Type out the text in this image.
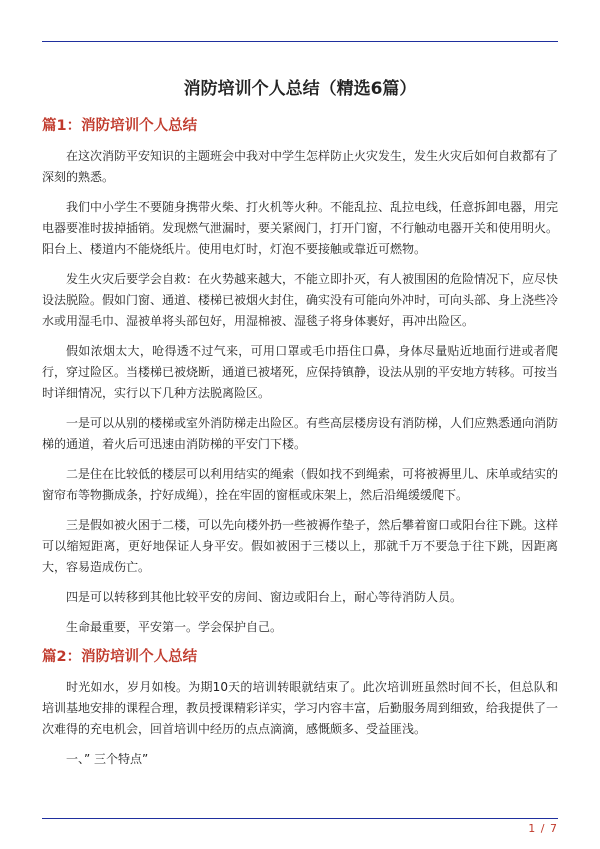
消防培训个人总结（精选6篇）
篇1：消防培训个人总结

在这次消防平安知识的主题班会中我对中学生怎样防止火灾发生，发生火灾后如何自救都有了深刻的熟悉。

我们中小学生不要随身携带火柴、打火机等火种。不能乱拉、乱拉电线，任意拆卸电器，用完电器要准时拔掉插销。发现燃气泄漏时，要关紧阀门，打开门窗，不行触动电器开关和使用明火。阳台上、楼道内不能烧纸片。使用电灯时，灯泡不要接触或靠近可燃物。

发生火灾后要学会自救：在火势越来越大，不能立即扑灭，有人被围困的危险情况下，应尽快设法脱险。假如门窗、通道、楼梯已被烟火封住，确实没有可能向外冲时，可向头部、身上浇些冷水或用湿毛巾、湿被单将头部包好，用湿棉被、湿毯子将身体裹好，再冲出险区。

假如浓烟太大，呛得透不过气来，可用口罩或毛巾捂住口鼻，身体尽量贴近地面行进或者爬行，穿过险区。当楼梯已被烧断，通道已被堵死，应保持镇静，设法从别的平安地方转移。可按当时详细情况，实行以下几种方法脱离险区。

一是可以从别的楼梯或室外消防梯走出险区。有些高层楼房设有消防梯，人们应熟悉通向消防梯的通道，着火后可迅速由消防梯的平安门下楼。

二是住在比较低的楼层可以利用结实的绳索（假如找不到绳索，可将被褥里儿、床单或结实的窗帘布等物撕成条，拧好成绳），拴在牢固的窗框或床架上，然后沿绳缓缓爬下。

三是假如被火困于二楼，可以先向楼外扔一些被褥作垫子，然后攀着窗口或阳台往下跳。这样可以缩短距离，更好地保证人身平安。假如被困于三楼以上，那就千万不要急于往下跳，因距离大，容易造成伤亡。

四是可以转移到其他比较平安的房间、窗边或阳台上，耐心等待消防人员。

生命最重要，平安第一。学会保护自己。

篇2：消防培训个人总结

时光如水，岁月如梭。为期10天的培训转眼就结束了。此次培训班虽然时间不长，但总队和培训基地安排的课程合理，教员授课精彩详实，学习内容丰富，后勤服务周到细致，给我提供了一次难得的充电机会，回首培训中经历的点点滴滴，感慨颇多、受益匪浅。

一、” 三个特点”

1 / 7
